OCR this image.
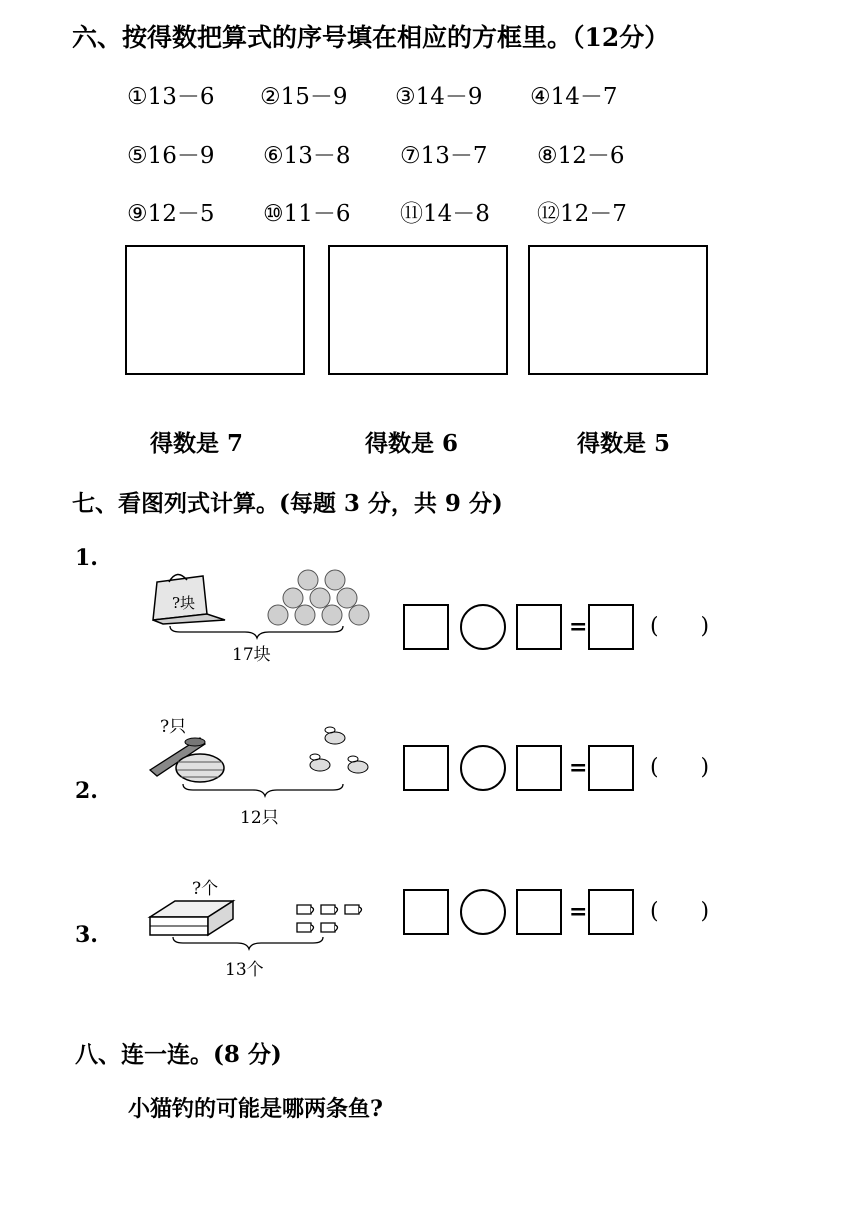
六、按得数把算式的序号填在相应的方框里。（12分）
①13－6 ②15－9 ③14－9 ④14－7
⑤16－9 ⑥13－8 ⑦13－7 ⑧12－6
⑨12－5 ⑩11－6 ⑪14－8 ⑫12－7
得数是 7	得数是 6	得数是 5
七、看图列式计算。(每题 3 分，共 9 分)
1.
?块
17块
=	(      )
?只
2.
12只
=	(      )
?个
3.
13个
=	(      )
八、连一连。(8 分)
小猫钓的可能是哪两条鱼?
